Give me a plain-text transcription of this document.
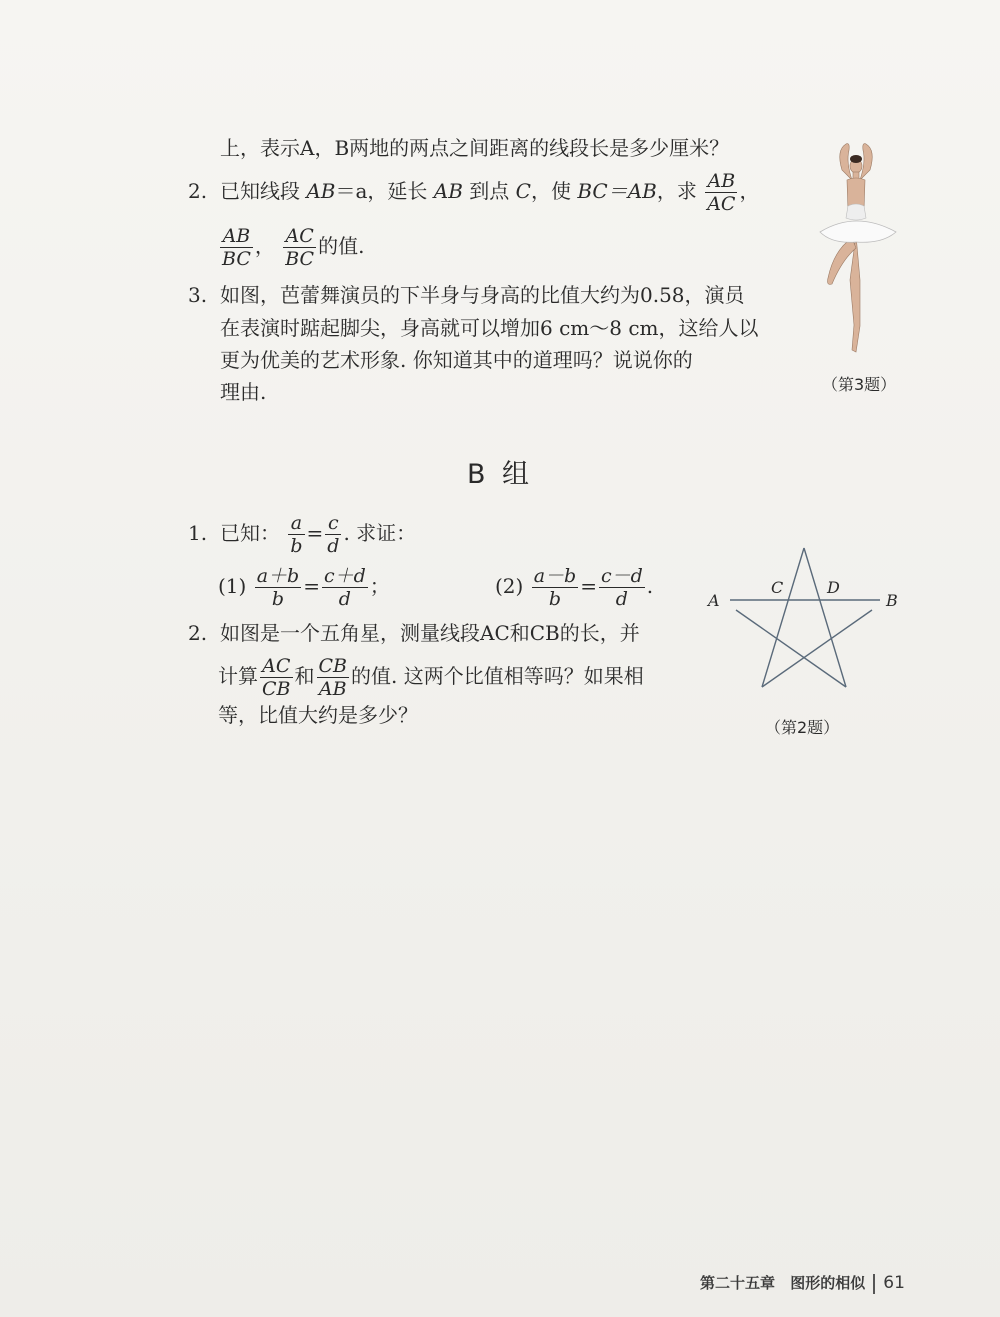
上，表示A，B两地的两点之间距离的线段长是多少厘米？
2. 已知线段 AB＝a，延长 AB 到点 C，使 BC＝AB，求 $\frac{AB}{AC}$ ，
$\frac{AB}{BC}$ ， $\frac{AC}{BC}$ 的值.
3. 如图，芭蕾舞演员的下半身与身高的比值大约为0.58，演员
在表演时踮起脚尖，身高就可以增加6 cm～8 cm，这给人以
更为优美的艺术形象. 你知道其中的道理吗？说说你的
理由.	（第3题）
B 组
1. 已知： $\frac{a}{b} = \frac{c}{d}$ . 求证：
$(1) \frac{a+b}{b} = \frac{c+d}{d}$ ；	$(2) \frac{a-b}{b} = \frac{c-d}{d}$ .
2. 如图是一个五角星，测量线段AC和CB的长，并
计算 $\frac{AC}{CB}$ 和 $\frac{CB}{AB}$ 的值. 这两个比值相等吗？如果相
等，比值大约是多少？
A	B
C	D
（第2题）
第二十五章 图形的相似 61
